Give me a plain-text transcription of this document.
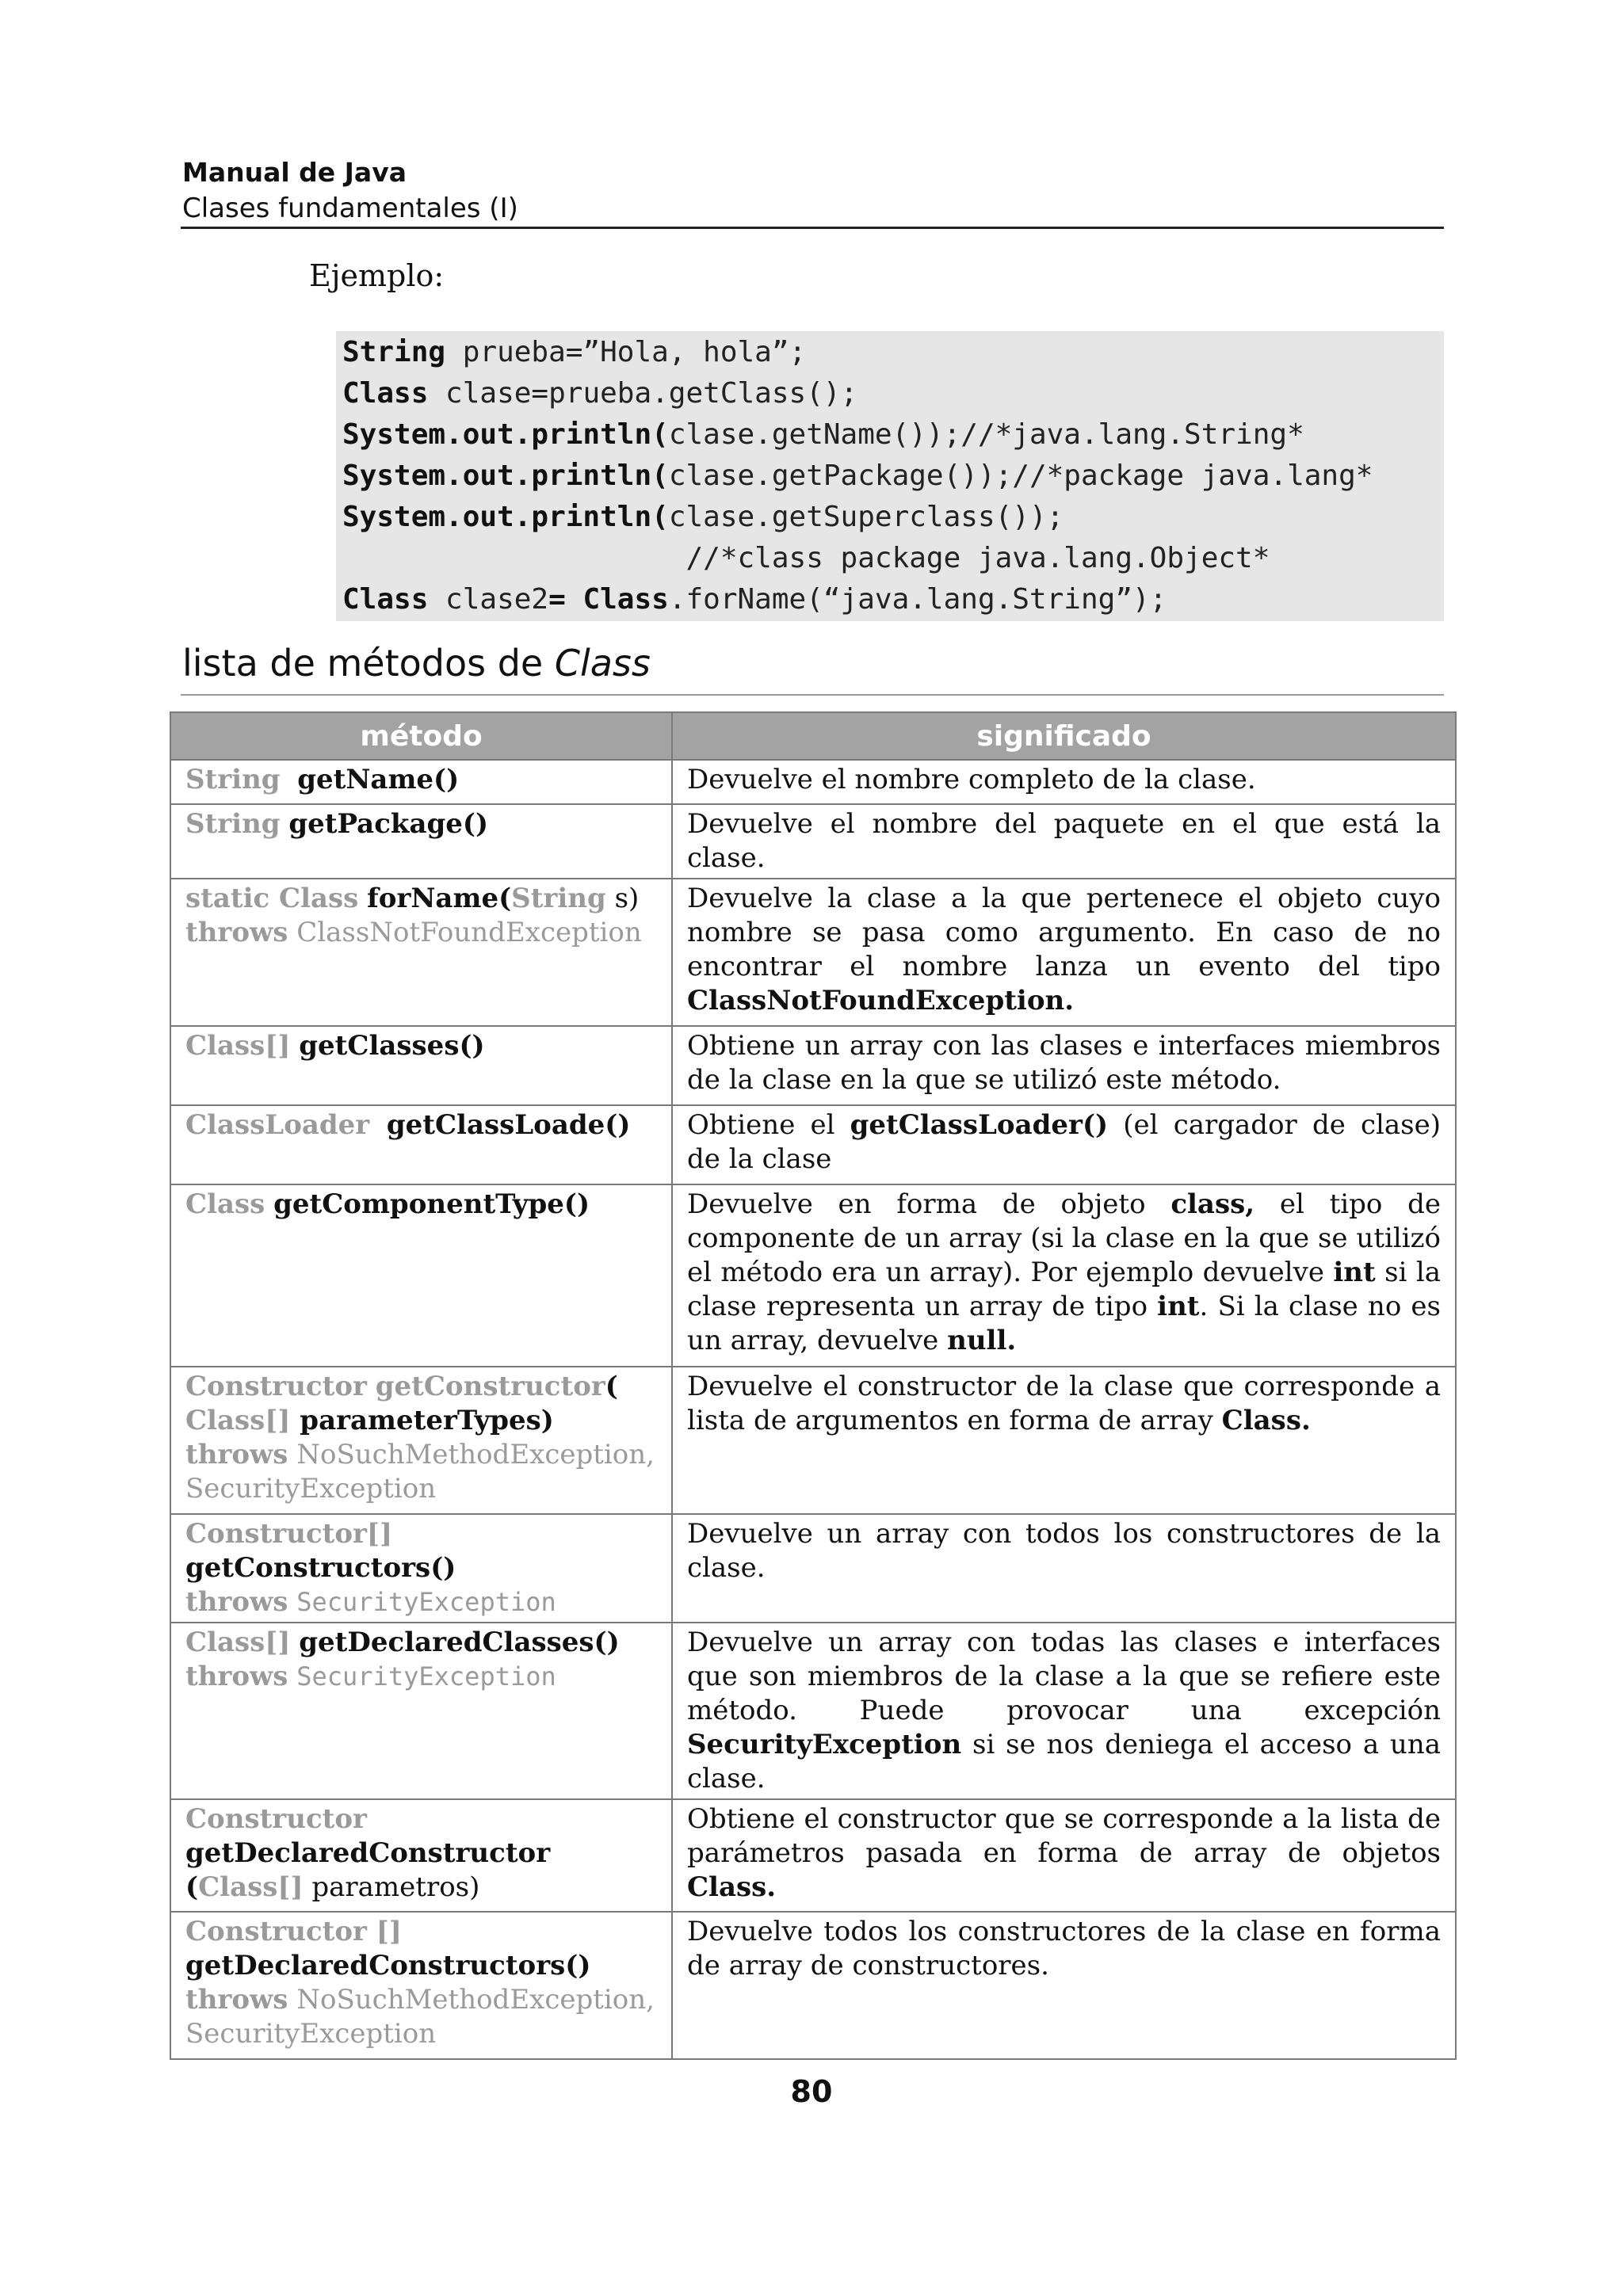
Manual de Java
Clases fundamentales (I)
Ejemplo:
String prueba=”Hola, hola”;
Class clase=prueba.getClass();
System.out.println(clase.getName());//*java.lang.String*
System.out.println(clase.getPackage());//*package java.lang*
System.out.println(clase.getSuperclass());
//*class package java.lang.Object*
Class clase2= Class.forName(“java.lang.String”);
lista de métodos de Class
método	significado
String getName()	Devuelve el nombre completo de la clase.
String getPackage()	Devuelve el nombre del paquete en el que está la clase.
static Class forName(String s)
throws ClassNotFoundException	Devuelve la clase a la que pertenece el objeto cuyo nombre se pasa como argumento. En caso de no encontrar el nombre lanza un evento del tipo ClassNotFoundException.
Class[] getClasses()	Obtiene un array con las clases e interfaces miembros de la clase en la que se utilizó este método.
ClassLoader getClassLoade()	Obtiene el getClassLoader() (el cargador de clase) de la clase
Class getComponentType()	Devuelve en forma de objeto class, el tipo de componente de un array (si la clase en la que se utilizó el método era un array). Por ejemplo devuelve int si la clase representa un array de tipo int. Si la clase no es un array, devuelve null.
Constructor getConstructor(
Class[] parameterTypes)
throws NoSuchMethodException, SecurityException	Devuelve el constructor de la clase que corresponde a lista de argumentos en forma de array Class.
Constructor[]
getConstructors()
throws SecurityException	Devuelve un array con todos los constructores de la clase.
Class[] getDeclaredClasses()
throws SecurityException	Devuelve un array con todas las clases e interfaces que son miembros de la clase a la que se refiere este método. Puede provocar una excepción SecurityException si se nos deniega el acceso a una clase.
Constructor
getDeclaredConstructor
(Class[] parametros)	Obtiene el constructor que se corresponde a la lista de parámetros pasada en forma de array de objetos Class.
Constructor []
getDeclaredConstructors()
throws NoSuchMethodException, SecurityException	Devuelve todos los constructores de la clase en forma de array de constructores.
80
